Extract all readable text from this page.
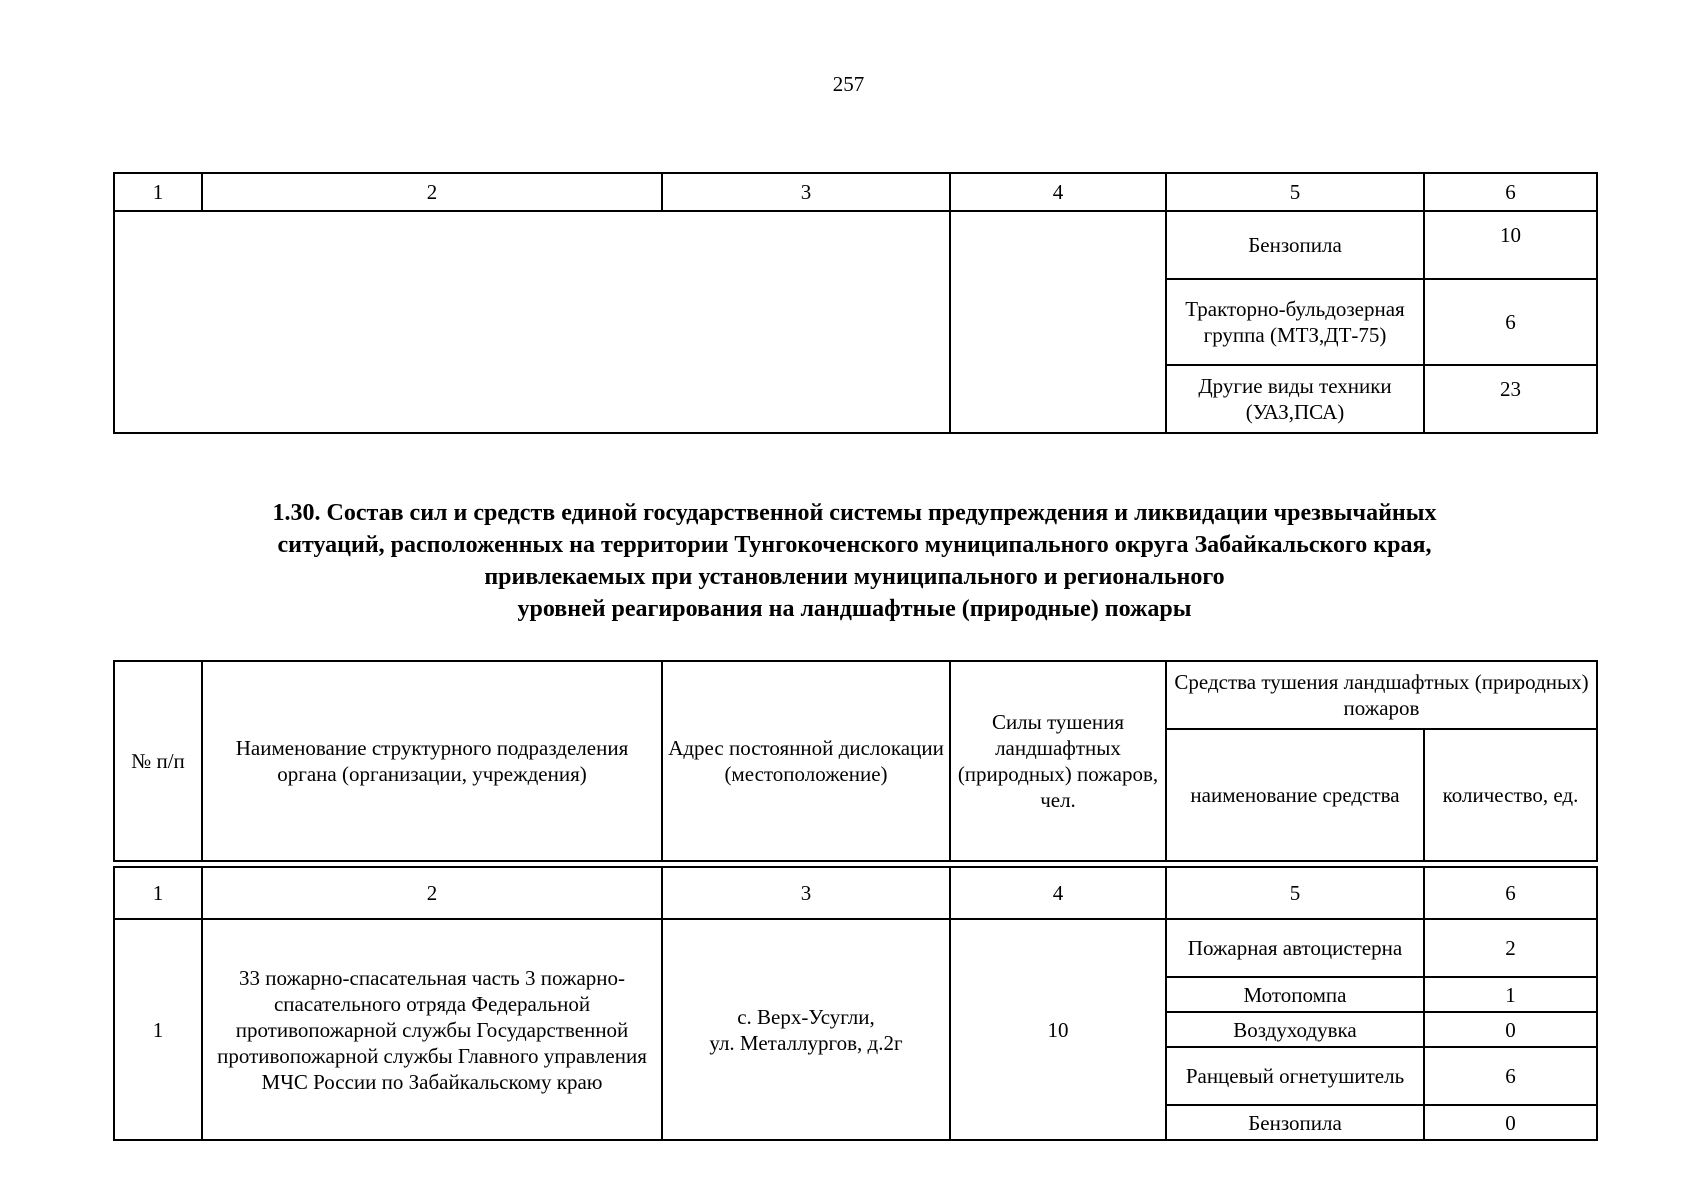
257
1	2	3	4	5	6
				Бензопила	10
				Тракторно-бульдозерная группа (МТЗ,ДТ-75)	6
				Другие виды техники (УАЗ,ПСА)	23
1.30. Состав сил и средств единой государственной системы предупреждения и ликвидации чрезвычайных
ситуаций, расположенных на территории Тунгокоченского муниципального округа Забайкальского края,
привлекаемых при установлении муниципального и регионального
уровней реагирования на ландшафтные (природные) пожары
№ п/п	Наименование структурного подразделения органа (организации, учреждения)	Адрес постоянной дислокации (местоположение)	Силы тушения ландшафтных (природных) пожаров, чел.	Средства тушения ландшафтных (природных) пожаров	
				наименование средства	количество, ед.
1	2	3	4	5	6
1	33 пожарно-спасательная часть 3 пожарно-спасательного отряда Федеральной противопожарной службы Государственной противопожарной службы Главного управления МЧС России по Забайкальскому краю	с. Верх-Усугли,
ул. Металлургов, д.2г	10	Пожарная автоцистерна	2
				Мотопомпа	1
				Воздуходувка	0
				Ранцевый огнетушитель	6
				Бензопила	0
